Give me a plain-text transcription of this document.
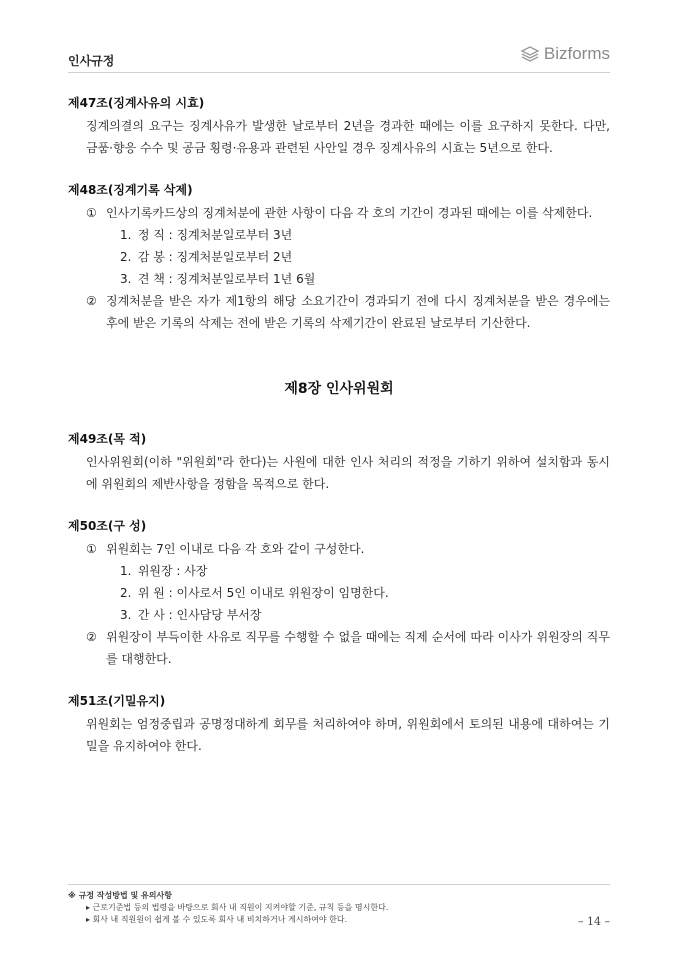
인사규정	Bizforms
제47조(징계사유의 시효)
징계의결의 요구는 징계사유가 발생한 날로부터 2년을 경과한 때에는 이를 요구하지 못한다. 다만, 금품·향응 수수 및 공금 횡령·유용과 관련된 사안일 경우 징계사유의 시효는 5년으로 한다.
제48조(징계기록 삭제)
① 인사기록카드상의 징계처분에 관한 사항이 다음 각 호의 기간이 경과된 때에는 이를 삭제한다.
1. 정 직 : 징계처분일로부터 3년
2. 감 봉 : 징계처분일로부터 2년
3. 견 책 : 징계처분일로부터 1년 6월
② 징계처분을 받은 자가 제1항의 해당 소요기간이 경과되기 전에 다시 징계처분을 받은 경우에는 후에 받은 기록의 삭제는 전에 받은 기록의 삭제기간이 완료된 날로부터 기산한다.
제8장 인사위원회
제49조(목 적)
인사위원회(이하 "위원회"라 한다)는 사원에 대한 인사 처리의 적정을 기하기 위하여 설치함과 동시에 위원회의 제반사항을 정함을 목적으로 한다.
제50조(구 성)
① 위원회는 7인 이내로 다음 각 호와 같이 구성한다.
1. 위원장 : 사장
2. 위 원 : 이사로서 5인 이내로 위원장이 임명한다.
3. 간 사 : 인사담당 부서장
② 위원장이 부득이한 사유로 직무를 수행할 수 없을 때에는 직제 순서에 따라 이사가 위원장의 직무를 대행한다.
제51조(기밀유지)
위원회는 엄정중립과 공명정대하게 회무를 처리하여야 하며, 위원회에서 토의된 내용에 대하여는 기밀을 유지하여야 한다.
※ 규정 작성방법 및 유의사항
▸ 근로기준법 등의 법령을 바탕으로 회사 내 직원이 지켜야할 기준, 규칙 등을 명시한다.
▸ 회사 내 직원원이 쉽게 볼 수 있도록 회사 내 비치하거나 게시하여야 한다.	– 14 –
